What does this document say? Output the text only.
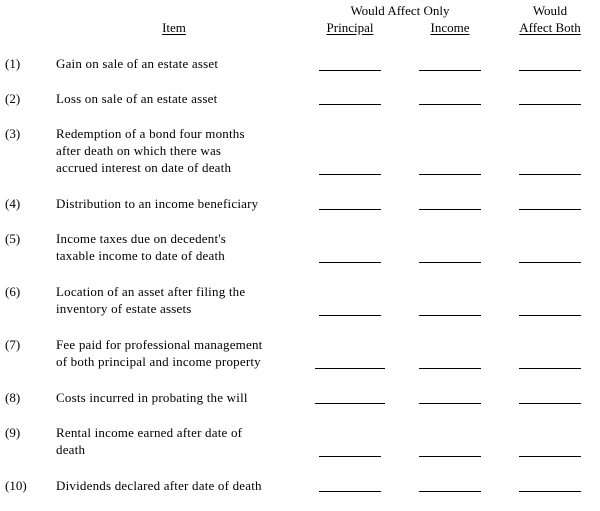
Would Affect Only	Would
Item	Principal	Income	Affect Both
(1)	Gain on sale of an estate asset
(2)	Loss on sale of an estate asset
(3)	Redemption of a bond four months
after death on which there was
accrued interest on date of death
(4)	Distribution to an income beneficiary
(5)	Income taxes due on decedent's
taxable income to date of death
(6)	Location of an asset after filing the
inventory of estate assets
(7)	Fee paid for professional management
of both principal and income property
(8)	Costs incurred in probating the will
(9)	Rental income earned after date of
death
(10) Dividends declared after date of death
